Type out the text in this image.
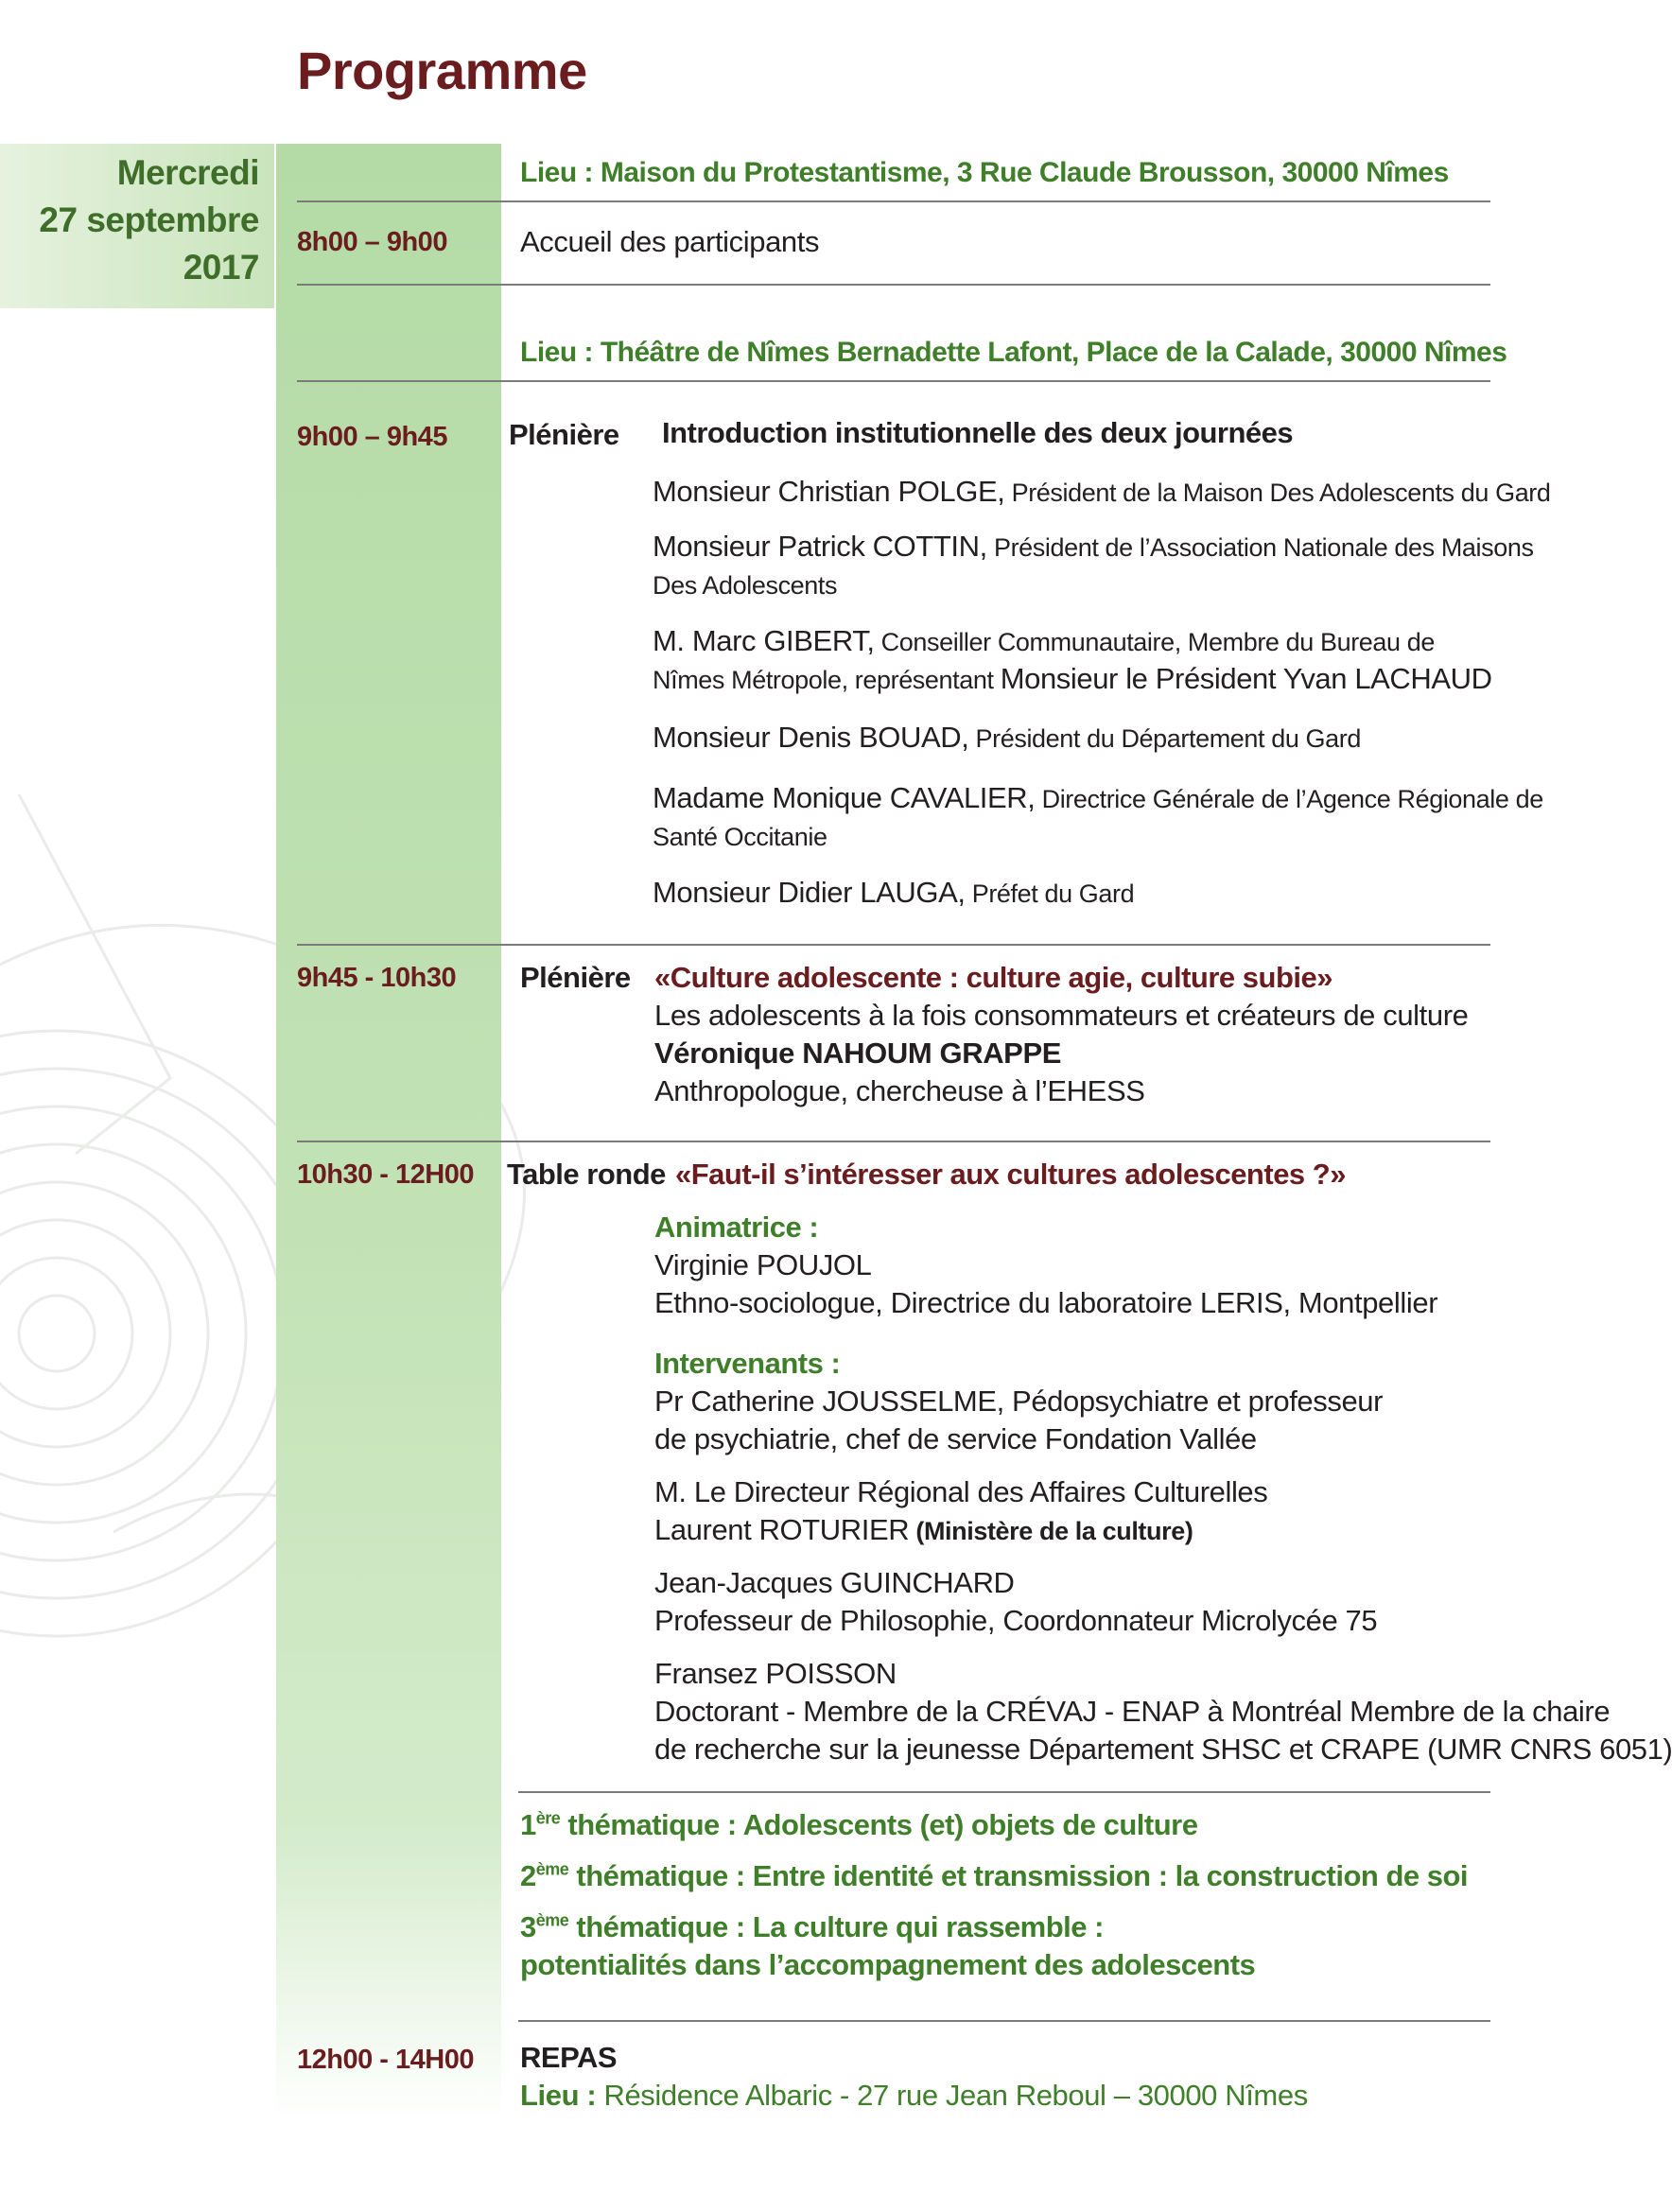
Programme
Mercredi
27 septembre
2017
Lieu : Maison du Protestantisme, 3 Rue Claude Brousson, 30000 Nîmes
8h00 – 9h00 Accueil des participants
Lieu : Théâtre de Nîmes Bernadette Lafont, Place de la Calade, 30000 Nîmes
9h00 – 9h45 Plénière Introduction institutionnelle des deux journées
Monsieur Christian POLGE, Président de la Maison Des Adolescents du Gard
Monsieur Patrick COTTIN, Président de l’Association Nationale des Maisons
Des Adolescents
M. Marc GIBERT, Conseiller Communautaire, Membre du Bureau de
Nîmes Métropole, représentant Monsieur le Président Yvan LACHAUD
Monsieur Denis BOUAD, Président du Département du Gard
Madame Monique CAVALIER, Directrice Générale de l’Agence Régionale de
Santé Occitanie
Monsieur Didier LAUGA, Préfet du Gard
9h45 - 10h30 Plénière «Culture adolescente : culture agie, culture subie»
Les adolescents à la fois consommateurs et créateurs de culture
Véronique NAHOUM GRAPPE
Anthropologue, chercheuse à l’EHESS
10h30 - 12H00 Table ronde «Faut-il s’intéresser aux cultures adolescentes ?»
Animatrice :
Virginie POUJOL
Ethno-sociologue, Directrice du laboratoire LERIS, Montpellier
Intervenants :
Pr Catherine JOUSSELME, Pédopsychiatre et professeur
de psychiatrie, chef de service Fondation Vallée
M. Le Directeur Régional des Affaires Culturelles
Laurent ROTURIER (Ministère de la culture)
Jean-Jacques GUINCHARD
Professeur de Philosophie, Coordonnateur Microlycée 75
Fransez POISSON
Doctorant - Membre de la CRÉVAJ - ENAP à Montréal Membre de la chaire
de recherche sur la jeunesse Département SHSC et CRAPE (UMR CNRS 6051)
1ère thématique : Adolescents (et) objets de culture
2ème thématique : Entre identité et transmission : la construction de soi
3ème thématique : La culture qui rassemble :
potentialités dans l’accompagnement des adolescents
12h00 - 14H00 REPAS
Lieu : Résidence Albaric - 27 rue Jean Reboul – 30000 Nîmes
